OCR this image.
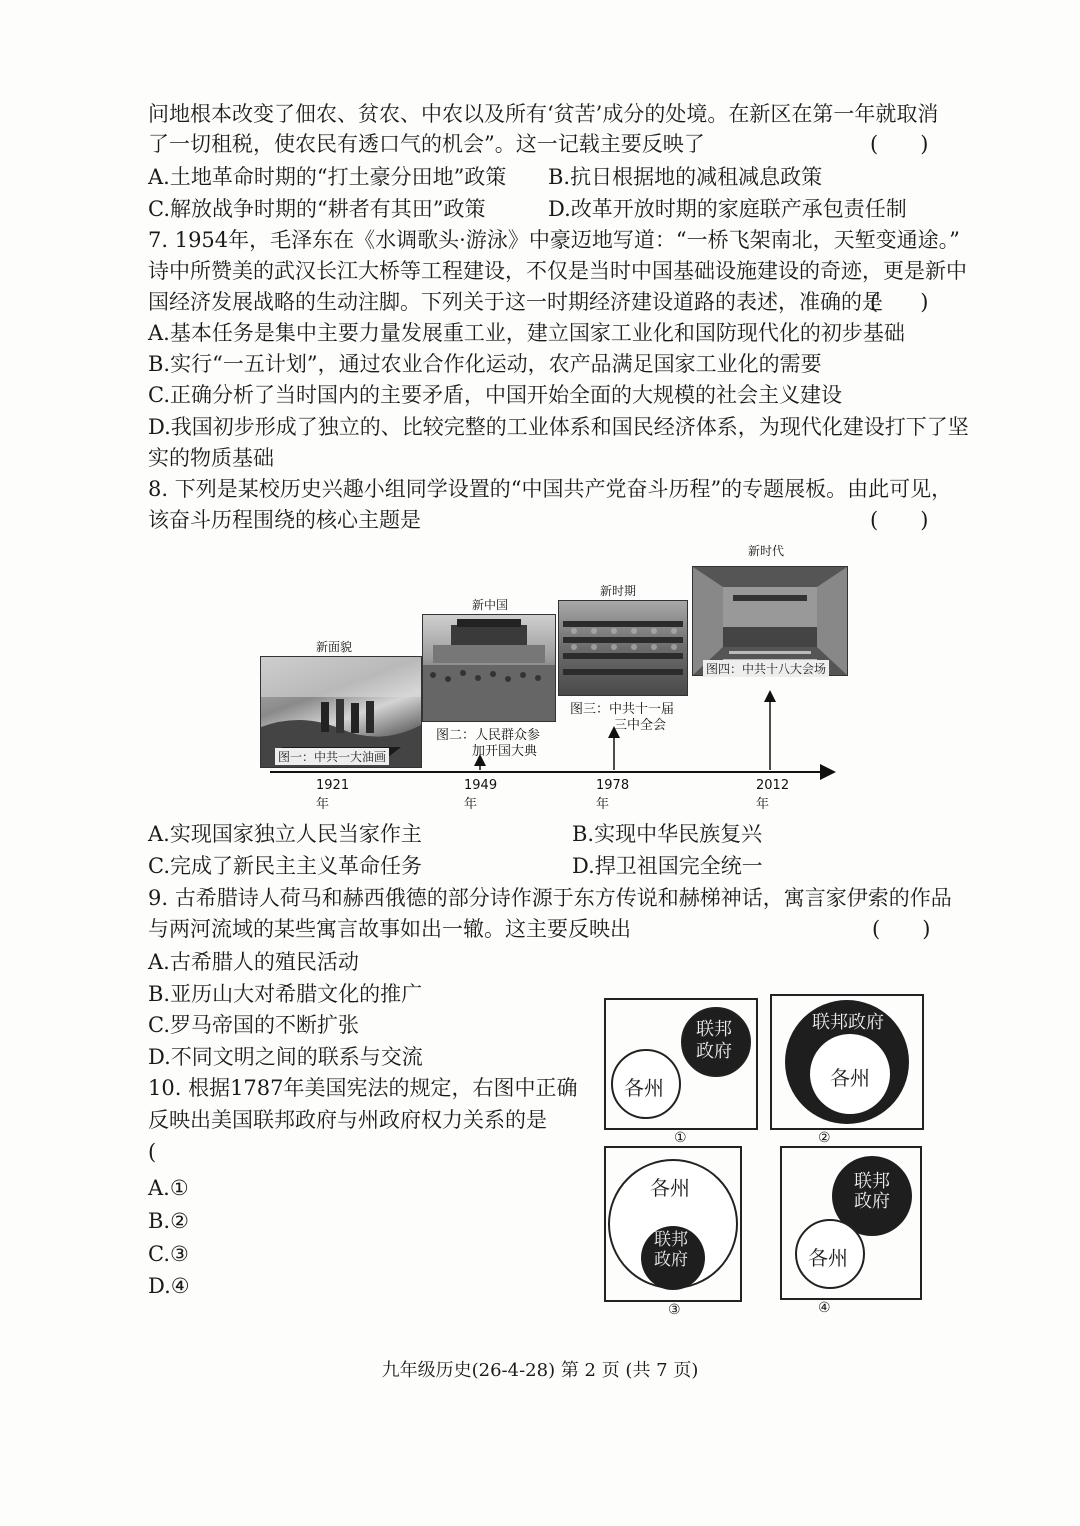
问地根本改变了佃农、贫农、中农以及所有‘贫苦’成分的处境。在新区在第一年就取消
了一切租税，使农民有透口气的机会”。这一记载主要反映了	(　　)
A.土地革命时期的“打土豪分田地”政策 B.抗日根据地的减租减息政策
C.解放战争时期的“耕者有其田”政策	D.改革开放时期的家庭联产承包责任制
7. 1954年，毛泽东在《水调歌头·游泳》中豪迈地写道：“一桥飞架南北，天堑变通途。”
诗中所赞美的武汉长江大桥等工程建设，不仅是当时中国基础设施建设的奇迹，更是新中
国经济发展战略的生动注脚。下列关于这一时期经济建设道路的表述，准确的是
(　　)
A.基本任务是集中主要力量发展重工业，建立国家工业化和国防现代化的初步基础
B.实行“一五计划”，通过农业合作化运动，农产品满足国家工业化的需要
C.正确分析了当时国内的主要矛盾，中国开始全面的大规模的社会主义建设
D.我国初步形成了独立的、比较完整的工业体系和国民经济体系，为现代化建设打下了坚
实的物质基础
8. 下列是某校历史兴趣小组同学设置的“中国共产党奋斗历程”的专题展板。由此可见，
该奋斗历程围绕的核心主题是	(　　)
新面貌
新中国
新时期
新时代
图一：中共一大油画
图二：人民群众参
加开国大典
图三：中共十一届
三中全会
图四：中共十八大会场
1921年
1949年
1978年
2012年
A.实现国家独立人民当家作主	B.实现中华民族复兴
C.完成了新民主主义革命任务	D.捍卫祖国完全统一
9. 古希腊诗人荷马和赫西俄德的部分诗作源于东方传说和赫梯神话，寓言家伊索的作品
与两河流域的某些寓言故事如出一辙。这主要反映出	(　　)
A.古希腊人的殖民活动
B.亚历山大对希腊文化的推广
C.罗马帝国的不断扩张
D.不同文明之间的联系与交流
10. 根据1787年美国宪法的规定，右图中正确
反映出美国联邦政府与州政府权力关系的是
(
A.①
B.②
C.③
D.④
各州
联邦
政府
①
联邦政府
各州
②
各州
联邦
政府
③
联邦
政府
各州
④
九年级历史(26-4-28) 第 2 页 (共 7 页)
